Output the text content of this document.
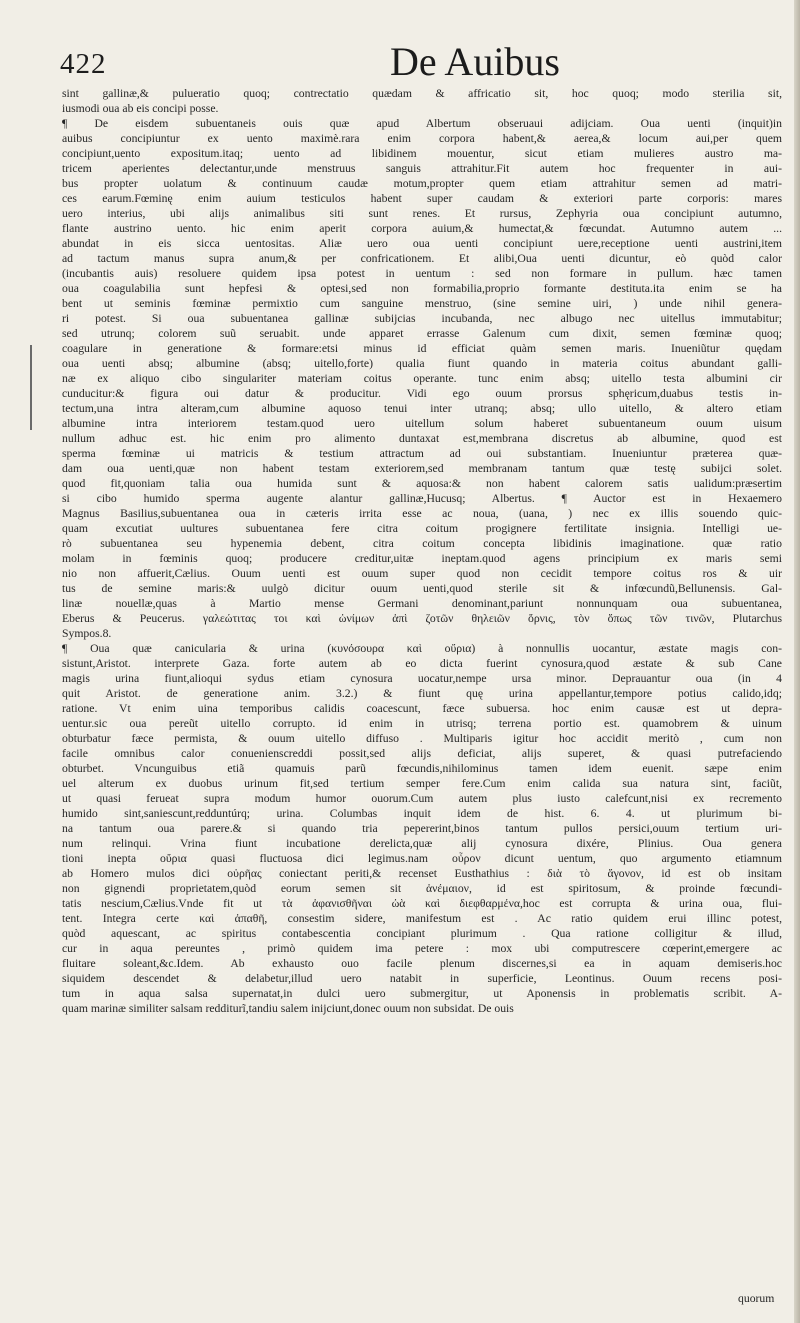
422	De Auibus
sint gallinæ,& pulueratio quoq; contrectatio quædam & affricatio sit, hoc quoq; modo sterilia sit,
iusmodi oua ab eis concipi posse.
¶ De eisdem subuentaneis ouis quæ apud Albertum obseruaui adijciam. Oua uenti (inquit)in
auibus concipiuntur ex uento maximè.rara enim corpora habent,& aerea,& locum aui,per quem
concipiunt,uento expositum.itaq; uento ad libidinem mouentur, sicut etiam mulieres austro ma-
tricem aperientes delectantur,unde menstruus sanguis attrahitur.Fit autem hoc frequenter in aui-
bus propter uolatum & continuum caudæ motum,propter quem etiam attrahitur semen ad matri-
ces earum.Fœminę enim auium testiculos habent super caudam & exteriori parte corporis: mares
uero interius, ubi alijs animalibus siti sunt renes. Et rursus, Zephyria oua concipiunt autumno,
flante austrino uento. hic enim aperit corpora auium,& humectat,& fœcundat. Autumno autem ...
abundat in eis sicca uentositas. Aliæ uero oua uenti concipiunt uere,receptione uenti austrini,item
ad tactum manus supra anum,& per confricationem. Et alibi,Oua uenti dicuntur, eò quòd calor
(incubantis auis) resoluere quidem ipsa potest in uentum : sed non formare in pullum. hæc tamen
oua coagulabilia sunt hepfesi & optesi,sed non formabilia,proprio formante destituta.ita enim se ha
bent ut seminis fœminæ permixtio cum sanguine menstruo, (sine semine uiri, ) unde nihil genera-
ri potest. Si oua subuentanea gallinæ subijcias incubanda, nec albugo nec uitellus immutabitur;
sed utrunq; colorem suũ seruabit. unde apparet errasse Galenum cum dixit, semen fœminæ quoq;
coagulare in generatione & formare:etsi minus id efficiat quàm semen maris. Inueniũtur quędam
oua uenti absq; albumine (absq; uitello,forte) qualia fiunt quando in materia coitus abundant galli-
næ ex aliquo cibo singulariter materiam coitus operante. tunc enim absq; uitello testa albumini cir
cunducitur:& figura oui datur & producitur. Vidi ego ouum prorsus sphęricum,duabus testis in-
tectum,una intra alteram,cum albumine aquoso tenui inter utranq; absq; ullo uitello, & altero etiam
albumine intra interiorem testam.quod uero uitellum solum haberet subuentaneum ouum uisum
nullum adhuc est. hic enim pro alimento duntaxat est,membrana discretus ab albumine, quod est
sperma fœminæ ui matricis & testium attractum ad oui substantiam. Inueniuntur præterea quæ-
dam oua uenti,quæ non habent testam exteriorem,sed membranam tantum quæ testę subijci solet.
quod fit,quoniam talia oua humida sunt & aquosa:& non habent calorem satis ualidum:præsertim
si cibo humido sperma augente alantur gallinæ,Hucusq; Albertus. ¶ Auctor est in Hexaemero
Magnus Basilius,subuentanea oua in cæteris irrita esse ac noua, (uana, ) nec ex illis souendo quic-
quam excutiat uultures subuentanea fere citra coitum progignere fertilitate insignia. Intelligi ue-
rò subuentanea seu hypenemia debent, citra coitum concepta libidinis imaginatione. quæ ratio
molam in fœminis quoq; producere creditur,uitæ ineptam.quod agens principium ex maris semi
nio non affuerit,Cælius. Ouum uenti est ouum super quod non cecidit tempore coitus ros & uir
tus de semine maris:& uulgò dicitur ouum uenti,quod sterile sit & infœcundũ,Bellunensis. Gal-
linæ nouellæ,quas à Martio mense Germani denominant,pariunt nonnunquam oua subuentanea,
Eberus & Peucerus. γαλεώτιτας τοι καὶ ὠνίμων ἀπὶ ζοτῶν θηλειῶν ὄρνις, τὸν ὅπως τῶν τινῶν, Plutarchus
Sympos.8.
¶ Oua quæ canicularia & urina (κυνόσουρα καὶ οὔρια) à nonnullis uocantur, æstate magis con-
sistunt,Aristot. interprete Gaza. forte autem ab eo dicta fuerint cynosura,quod æstate & sub Cane
magis urina fiunt,alioqui sydus etiam cynosura uocatur,nempe ursa minor. Deprauantur oua (in 4
quit Aristot. de generatione anim. 3.2.) & fiunt quę urina appellantur,tempore potius calido,idq;
ratione. Vt enim uina temporibus calidis coacescunt, fæce subuersa. hoc enim causæ est ut depra-
uentur.sic oua pereũt uitello corrupto. id enim in utrisq; terrena portio est. quamobrem & uinum
obturbatur fæce permista, & ouum uitello diffuso . Multiparis igitur hoc accidit meritò , cum non
facile omnibus calor conuenienscreddi possit,sed alijs deficiat, alijs superet, & quasi putrefaciendo
obturbet. Vncunguibus etiã quamuis parũ fœcundis,nihilominus tamen idem euenit. sæpe enim
uel alterum ex duobus urinum fit,sed tertium semper fere.Cum enim calida sua natura sint, faciũt,
ut quasi ferueat supra modum humor ouorum.Cum autem plus iusto calefcunt,nisi ex recremento
humido sint,saniescunt,redduntúrq; urina. Columbas inquit idem de hist. 6. 4. ut plurimum bi-
na tantum oua parere.& si quando tria pepererint,binos tantum pullos persici,ouum tertium uri-
num relinqui. Vrina fiunt incubatione derelicta,quæ alij cynosura dixére, Plinius. Oua genera
tioni inepta οὔρια quasi fluctuosa dici legimus.nam οὖρον dicunt uentum, quo argumento etiamnum
ab Homero mulos dici οὐρῆας coniectant periti,& recenset Eusthathius : διὰ τὸ ἄγονον, id est ob insitam
non gignendi proprietatem,quòd eorum semen sit ἀνέμαιον, id est spiritosum, & proinde fœcundi-
tatis nescium,Cælius.Vnde fit ut τὰ ἀφανισθῆναι ὠὰ καὶ διεφθαρμένα,hoc est corrupta & urina oua, flui-
tent. Integra certe καὶ ἀπαθῆ, consestim sidere, manifestum est . Ac ratio quidem erui illinc potest,
quòd aquescant, ac spiritus contabescentia concipiant plurimum . Qua ratione colligitur & illud,
cur in aqua pereuntes , primò quidem ima petere : mox ubi computrescere cœperint,emergere ac
fluitare soleant,&c.Idem. Ab exhausto ouo facile plenum discernes,si ea in aquam demiseris.hoc
siquidem descendet & delabetur,illud uero natabit in superficie, Leontinus. Ouum recens posi-
tum in aqua salsa supernatat,in dulci uero submergitur, ut Aponensis in problematis scribit. A-
quam marinæ similiter salsam redditurĩ,tandiu salem inijciunt,donec ouum non subsidat. De ouis
quorum
